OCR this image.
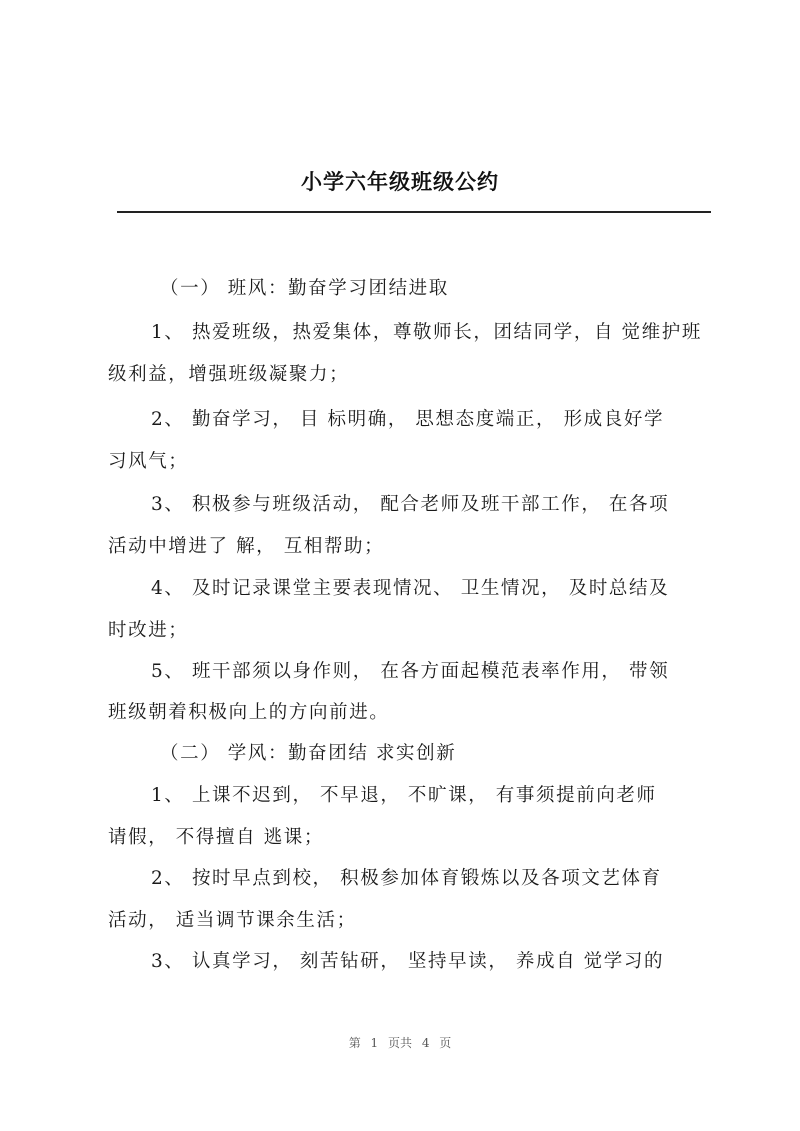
小学六年级班级公约
（一） 班风：勤奋学习团结进取
1、 热爱班级，热爱集体，尊敬师长，团结同学，自 觉维护班
级利益，增强班级凝聚力；
2、 勤奋学习， 目 标明确， 思想态度端正， 形成良好学
习风气；
3、 积极参与班级活动， 配合老师及班干部工作， 在各项
活动中增进了 解， 互相帮助；
4、 及时记录课堂主要表现情况、 卫生情况， 及时总结及
时改进；
5、 班干部须以身作则， 在各方面起模范表率作用， 带领
班级朝着积极向上的方向前进。
（二） 学风：勤奋团结 求实创新
1、 上课不迟到， 不早退， 不旷课， 有事须提前向老师
请假， 不得擅自 逃课；
2、 按时早点到校， 积极参加体育锻炼以及各项文艺体育
活动， 适当调节课余生活；
3、 认真学习， 刻苦钻研， 坚持早读， 养成自 觉学习的
第 1 页共 4 页
